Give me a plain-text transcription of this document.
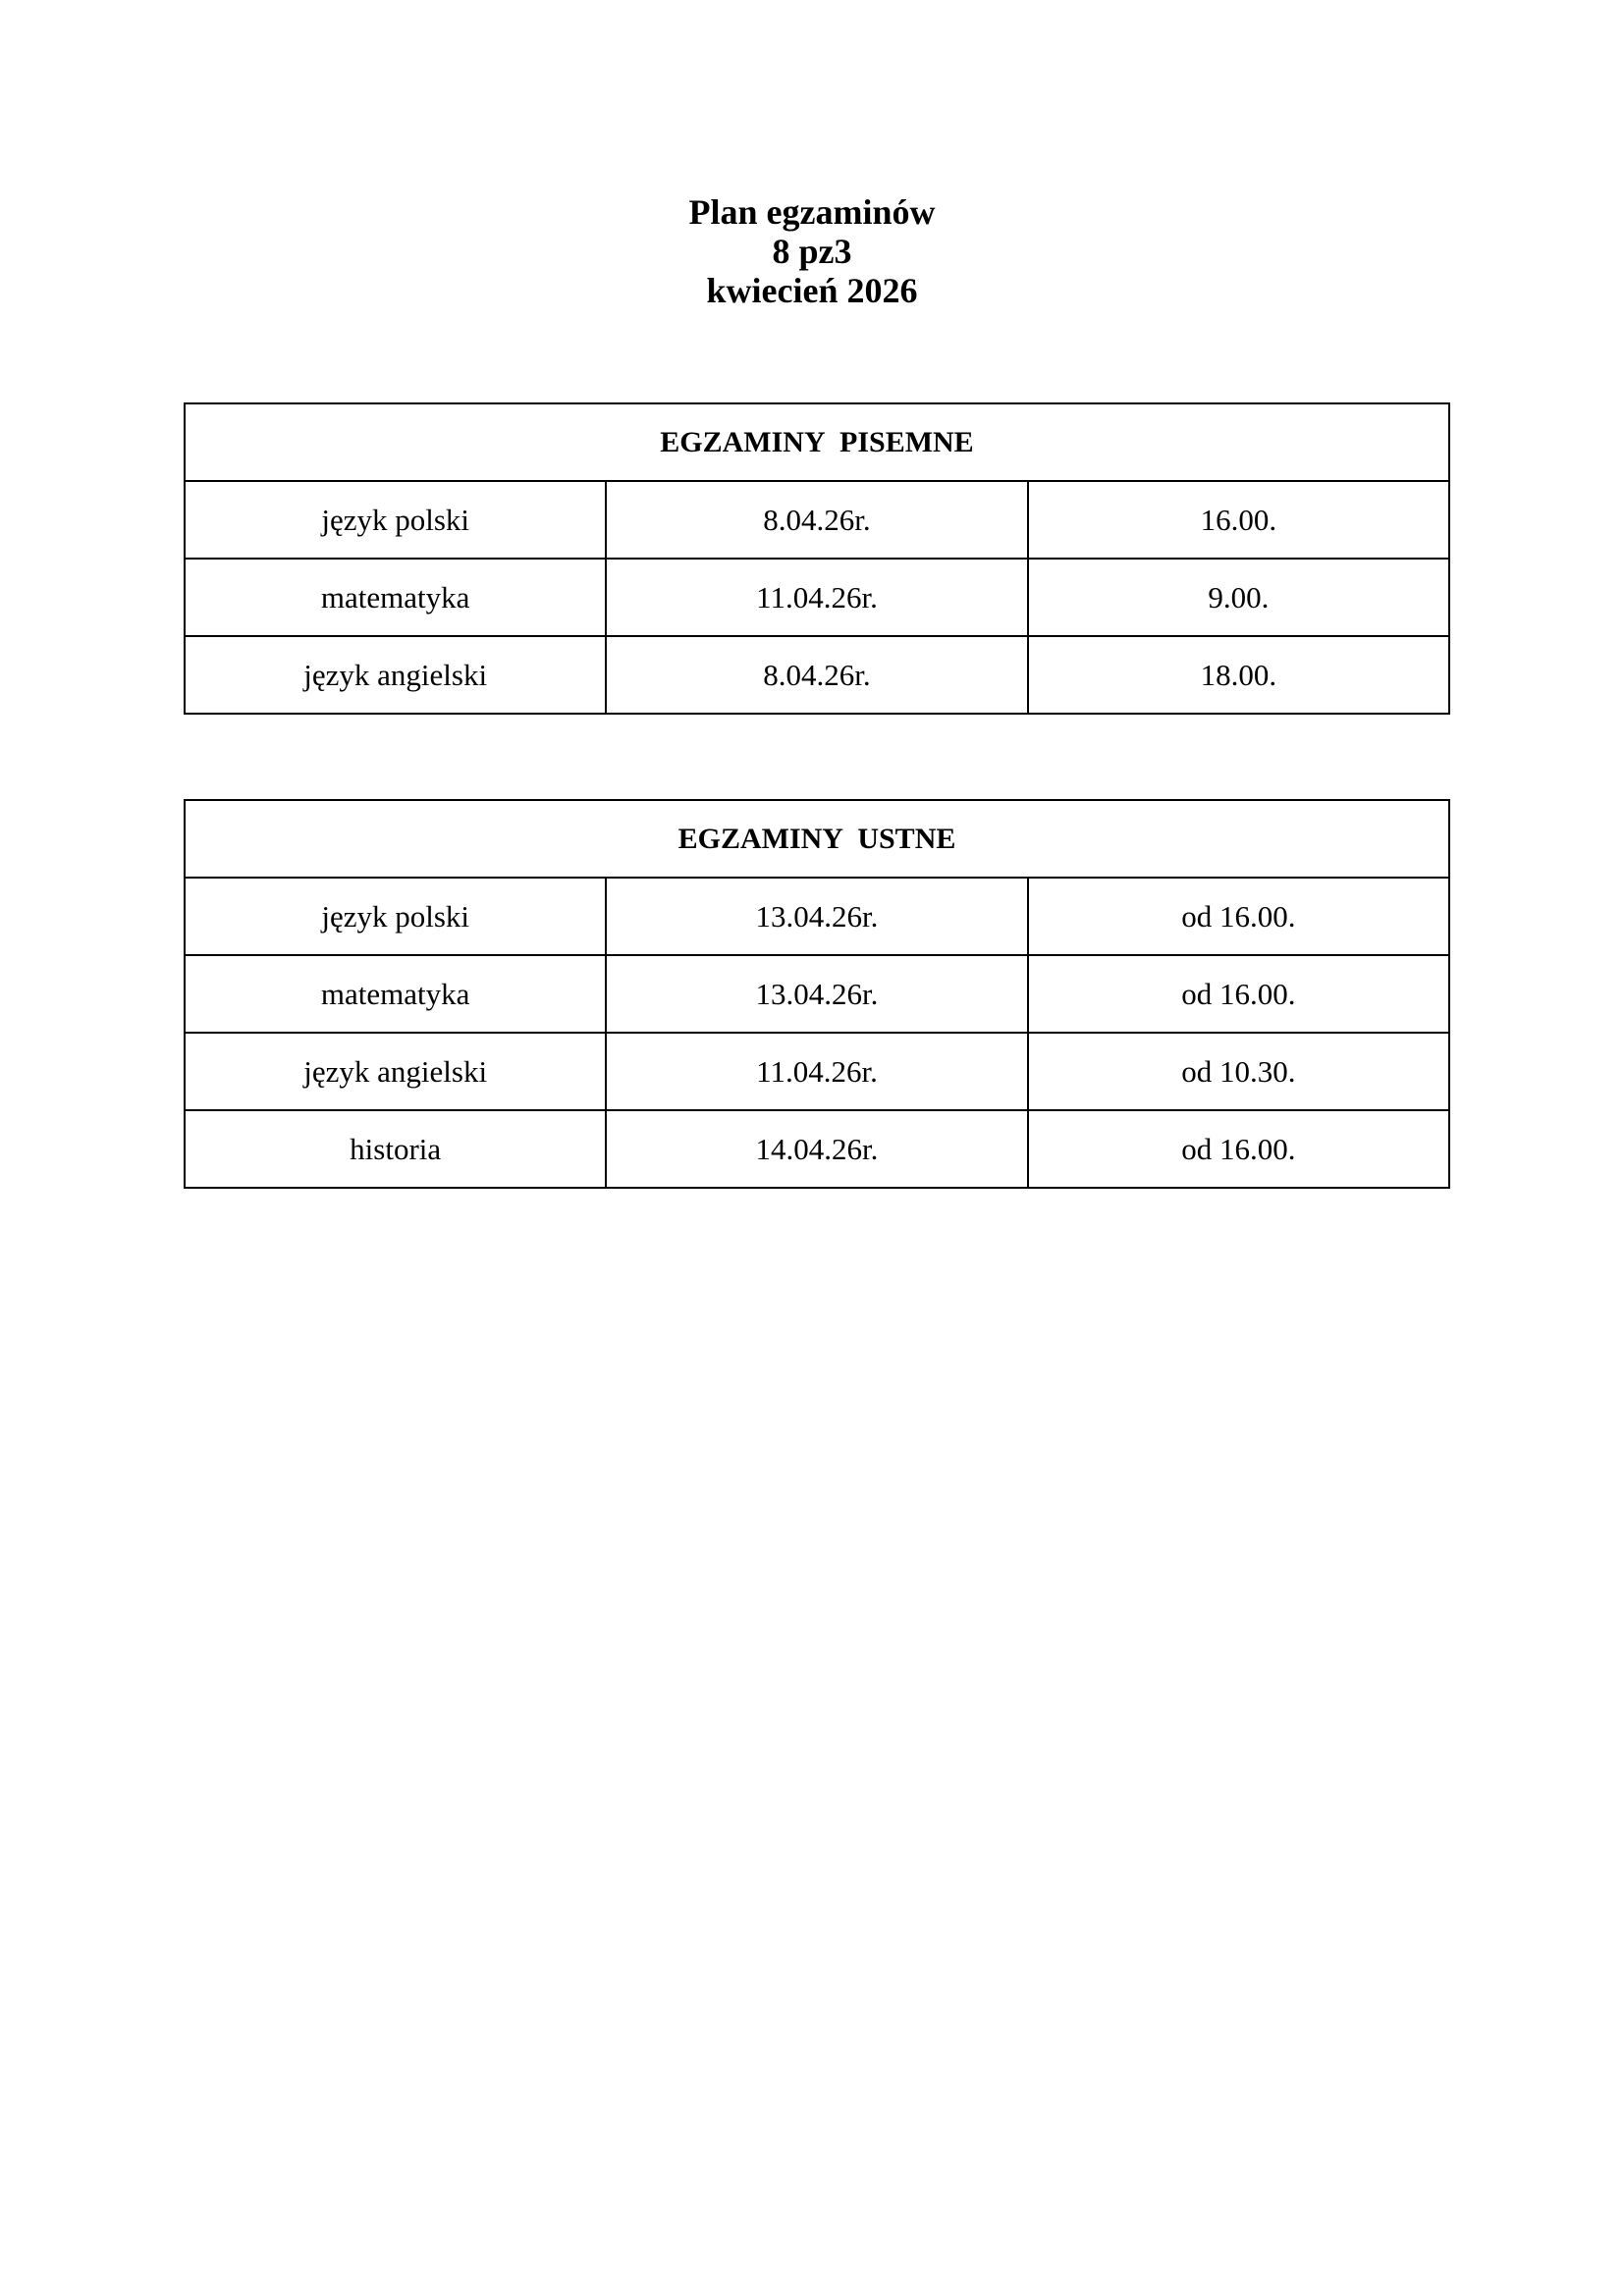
Plan egzaminów
8 pz3
kwiecień 2026
EGZAMINY PISEMNE		
język polski	8.04.26r.	16.00.
matematyka	11.04.26r.	9.00.
język angielski	8.04.26r.	18.00.
EGZAMINY USTNE		
język polski	13.04.26r.	od 16.00.
matematyka	13.04.26r.	od 16.00.
język angielski	11.04.26r.	od 10.30.
historia	14.04.26r.	od 16.00.
